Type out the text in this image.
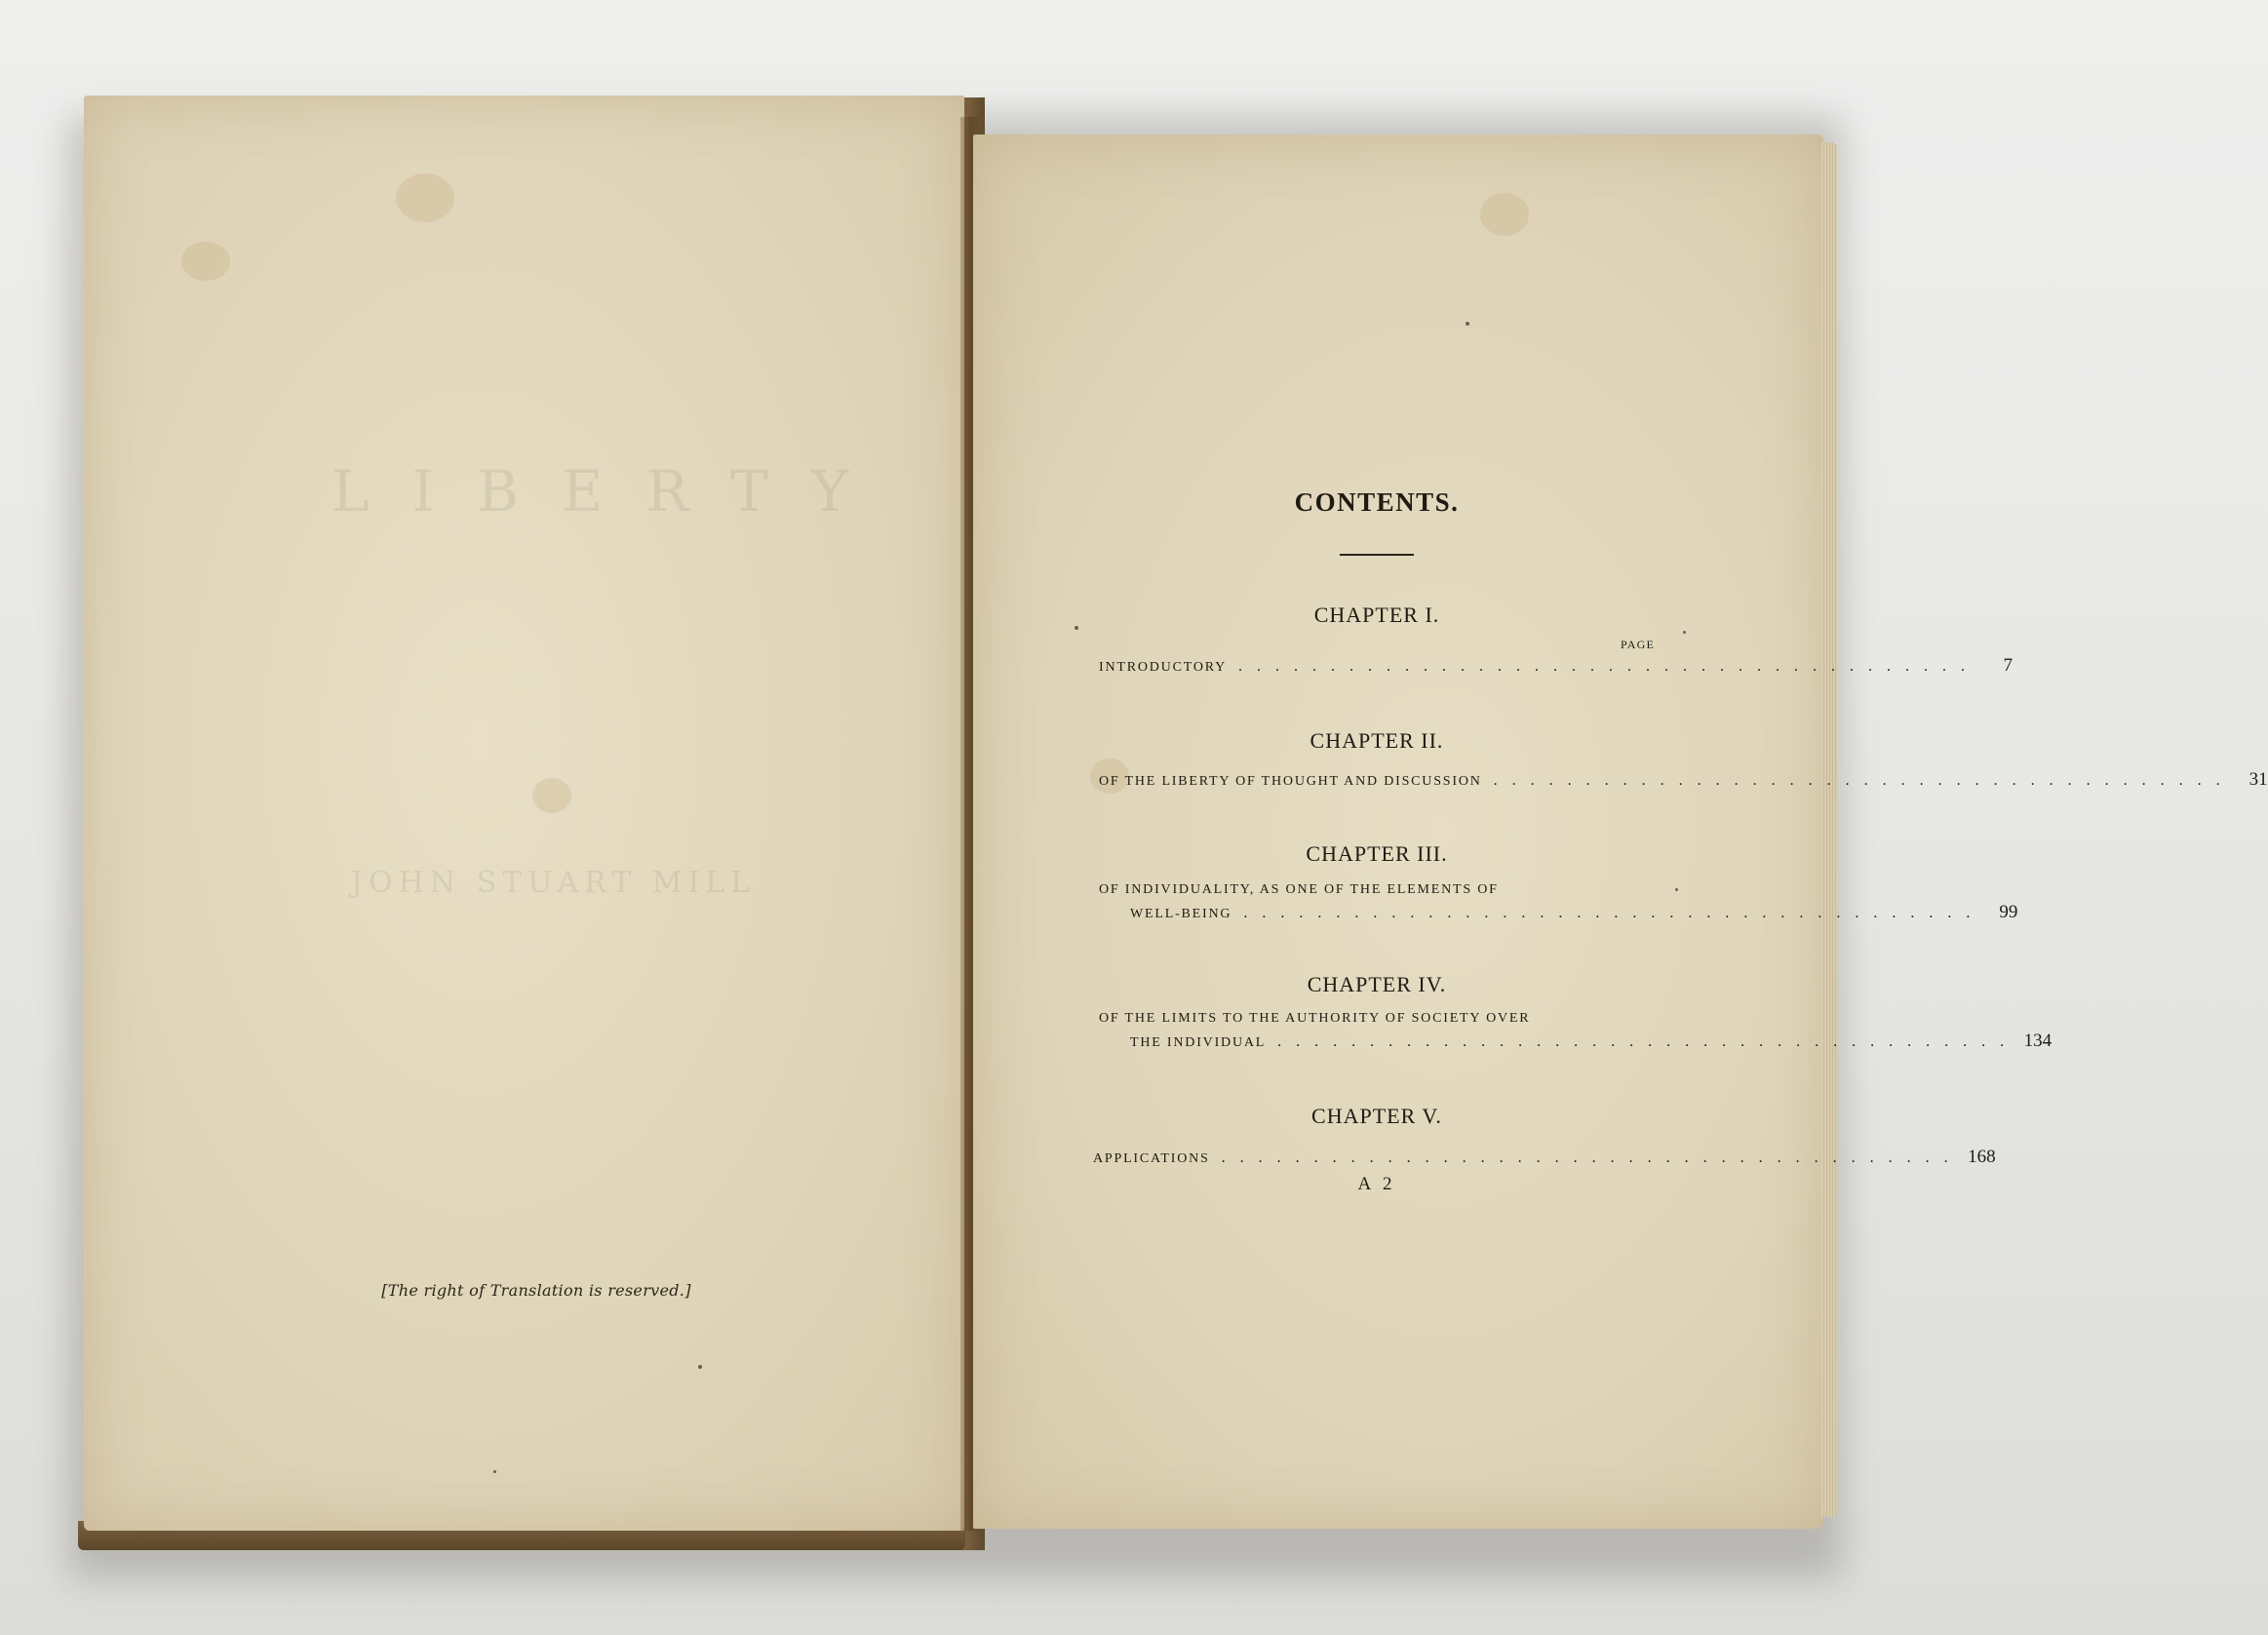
LIBERTY
JOHN STUART MILL
[The right of Translation is reserved.]
CONTENTS.
CHAPTER I.
PAGE
INTRODUCTORY ........................................	7
CHAPTER II.
OF THE LIBERTY OF THOUGHT AND DISCUSSION ........................................ 31
CHAPTER III.
OF INDIVIDUALITY, AS ONE OF THE ELEMENTS OF
WELL-BEING ........................................ 99
CHAPTER IV.
OF THE LIMITS TO THE AUTHORITY OF SOCIETY OVER
THE INDIVIDUAL ........................................ 134
CHAPTER V.
APPLICATIONS ........................................ 168
A 2
